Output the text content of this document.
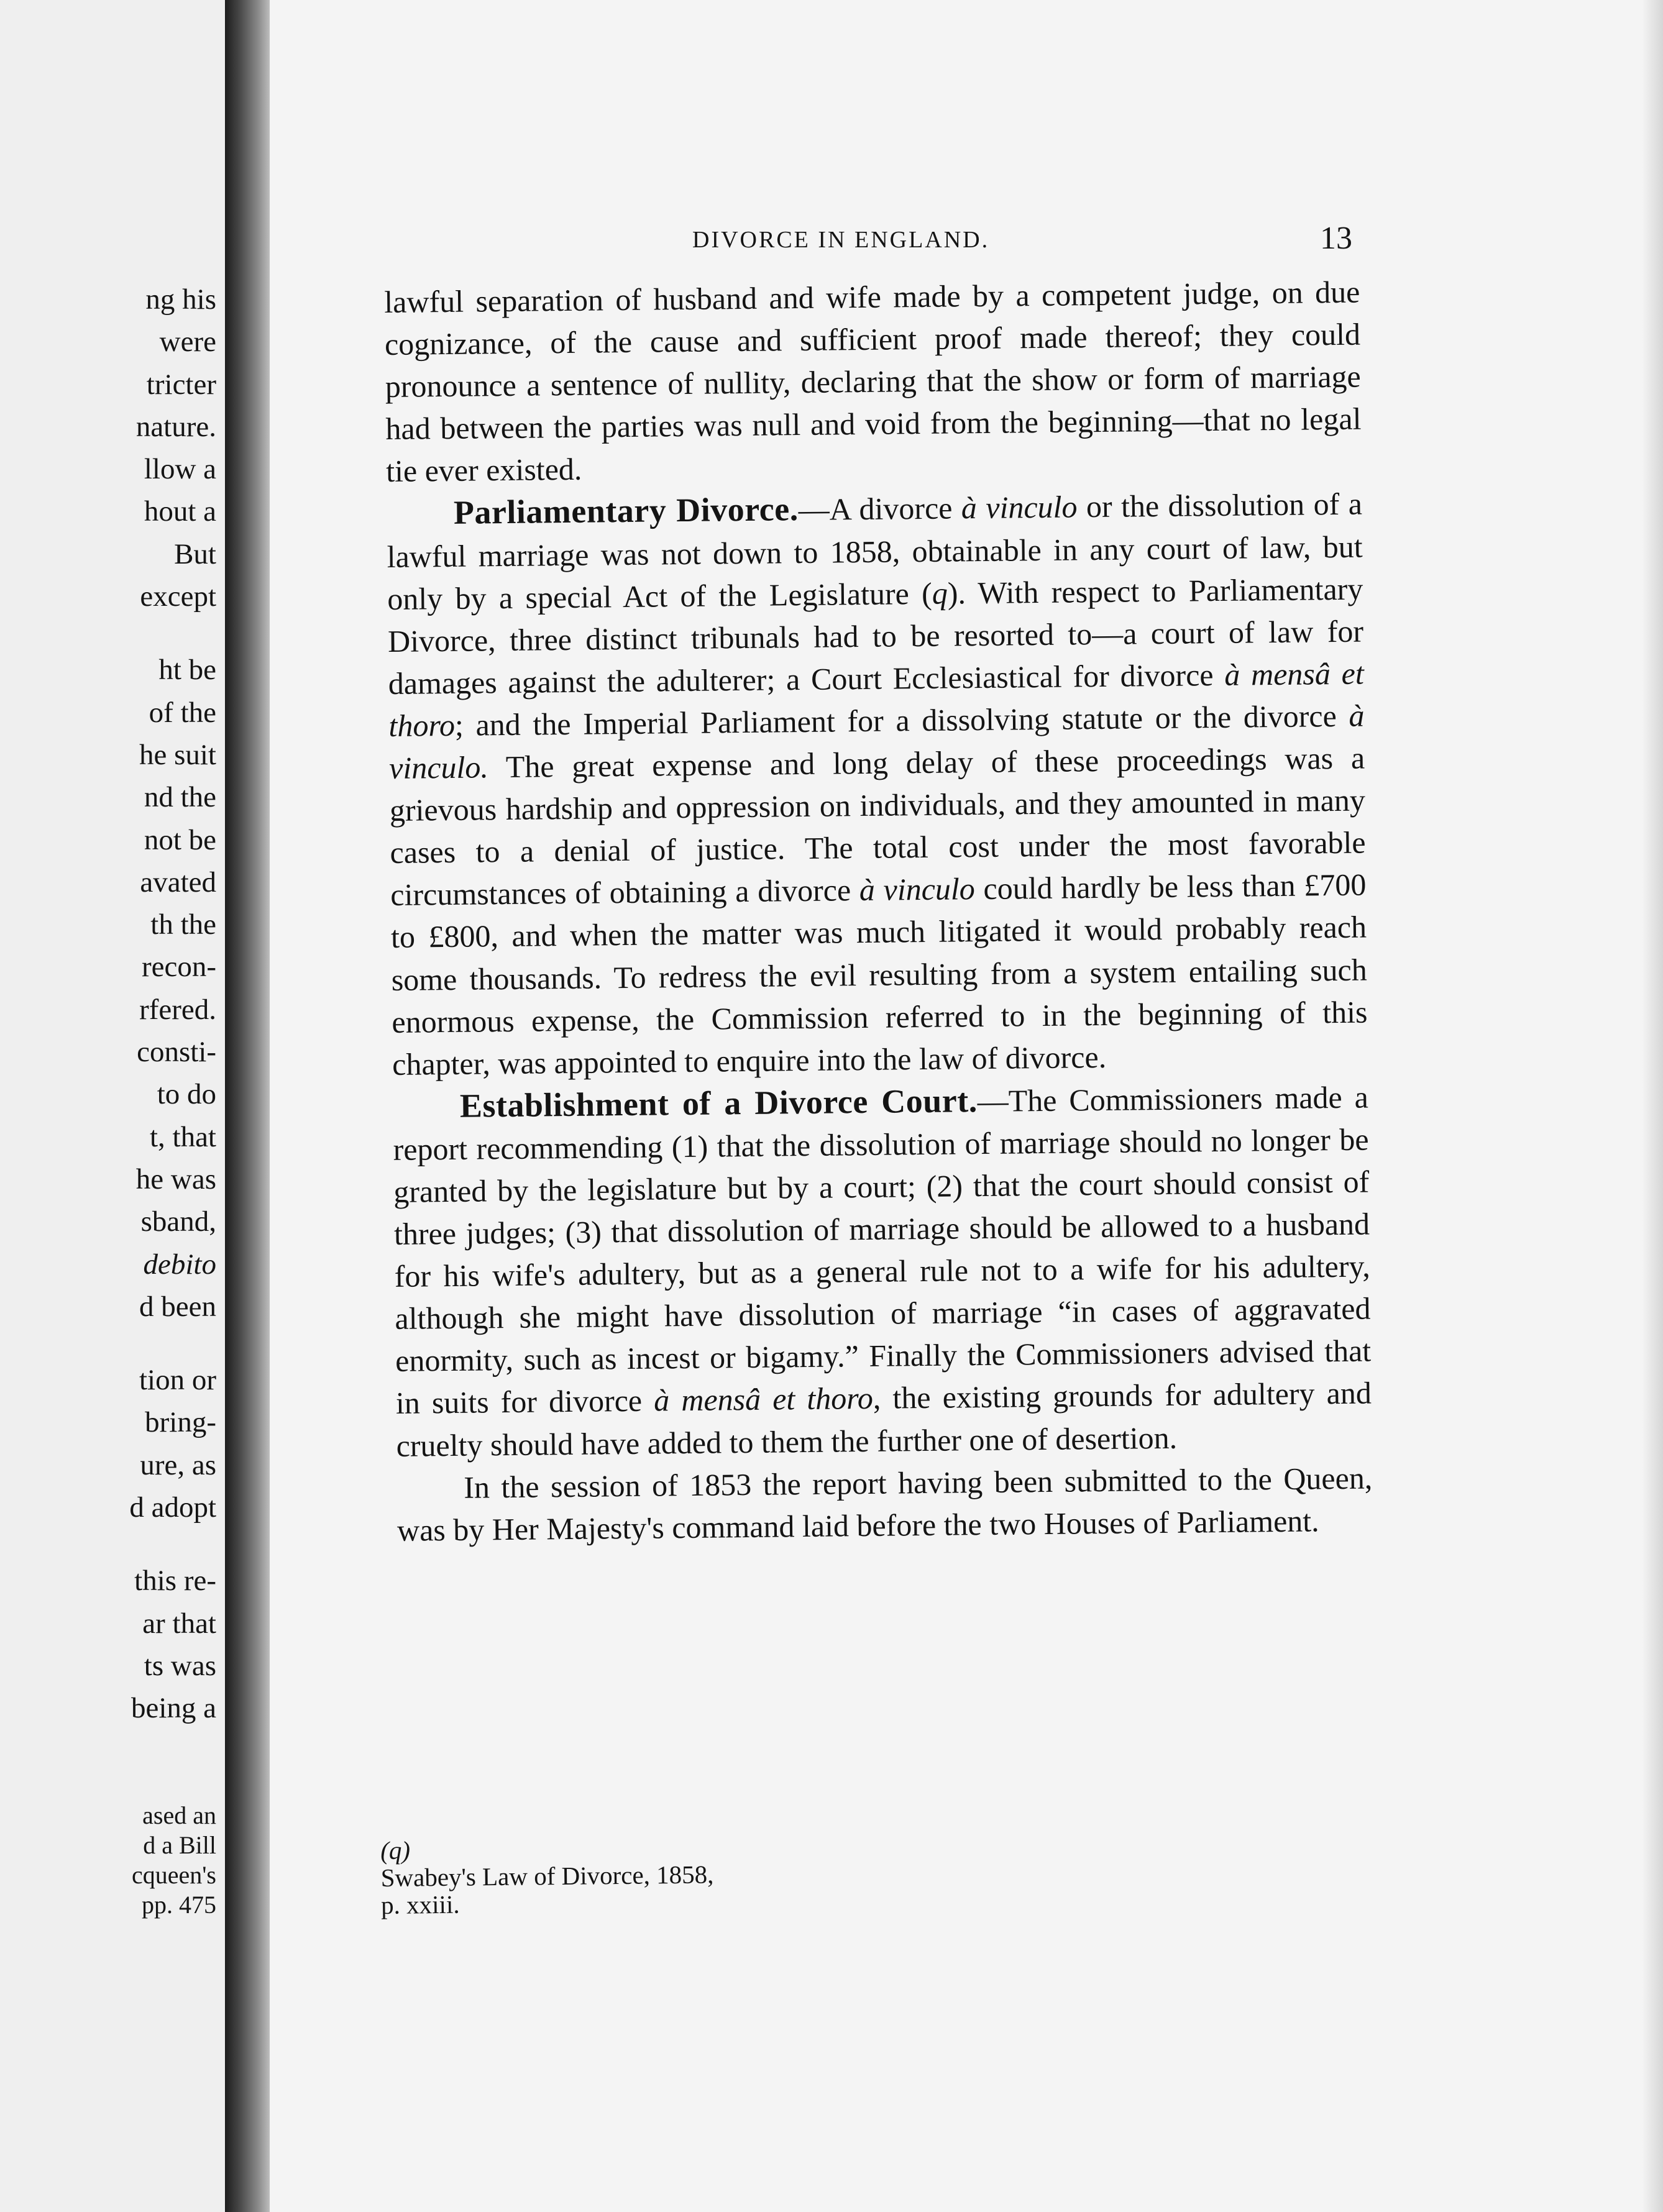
ng his
were
tricter
nature.
llow a
hout a
But
except
ht be
of the
he suit
nd the
not be
avated
th the
recon-
rfered.
consti-
to do
t, that
he was
sband,
debito
d been
tion or
bring-
ure, as
d adopt
this re-
ar that
ts was
being a
ased an
d a Bill
cqueen's
pp. 475
DIVORCE IN ENGLAND.	13

lawful separation of husband and wife made by a competent judge, on due cognizance, of the cause and sufficient proof made thereof; they could pronounce a sentence of nullity, declaring that the show or form of marriage had between the parties was null and void from the beginning—that no legal tie ever existed.

Parliamentary Divorce.—A divorce à vinculo or the dissolution of a lawful marriage was not down to 1858, obtainable in any court of law, but only by a special Act of the Legislature (q). With respect to Parliamentary Divorce, three distinct tribunals had to be resorted to—a court of law for damages against the adulterer; a Court Ecclesiastical for divorce à mensâ et thoro; and the Imperial Parliament for a dissolving statute or the divorce à vinculo. The great expense and long delay of these proceedings was a grievous hardship and oppression on individuals, and they amounted in many cases to a denial of justice. The total cost under the most favorable circumstances of obtaining a divorce à vinculo could hardly be less than £700 to £800, and when the matter was much litigated it would probably reach some thousands. To redress the evil resulting from a system entailing such enormous expense, the Commission referred to in the beginning of this chapter, was appointed to enquire into the law of divorce.

Establishment of a Divorce Court.—The Commissioners made a report recommending (1) that the dissolution of marriage should no longer be granted by the legislature but by a court; (2) that the court should consist of three judges; (3) that dissolution of marriage should be allowed to a husband for his wife's adultery, but as a general rule not to a wife for his adultery, although she might have dissolution of marriage “in cases of aggravated enormity, such as incest or bigamy.” Finally the Commissioners advised that in suits for divorce à mensâ et thoro, the existing grounds for adultery and cruelty should have added to them the further one of desertion.

In the session of 1853 the report having been submitted to the Queen, was by Her Majesty's command laid before the two Houses of Parliament.

(q)
Swabey's Law of Divorce, 1858,
p. xxiii.
